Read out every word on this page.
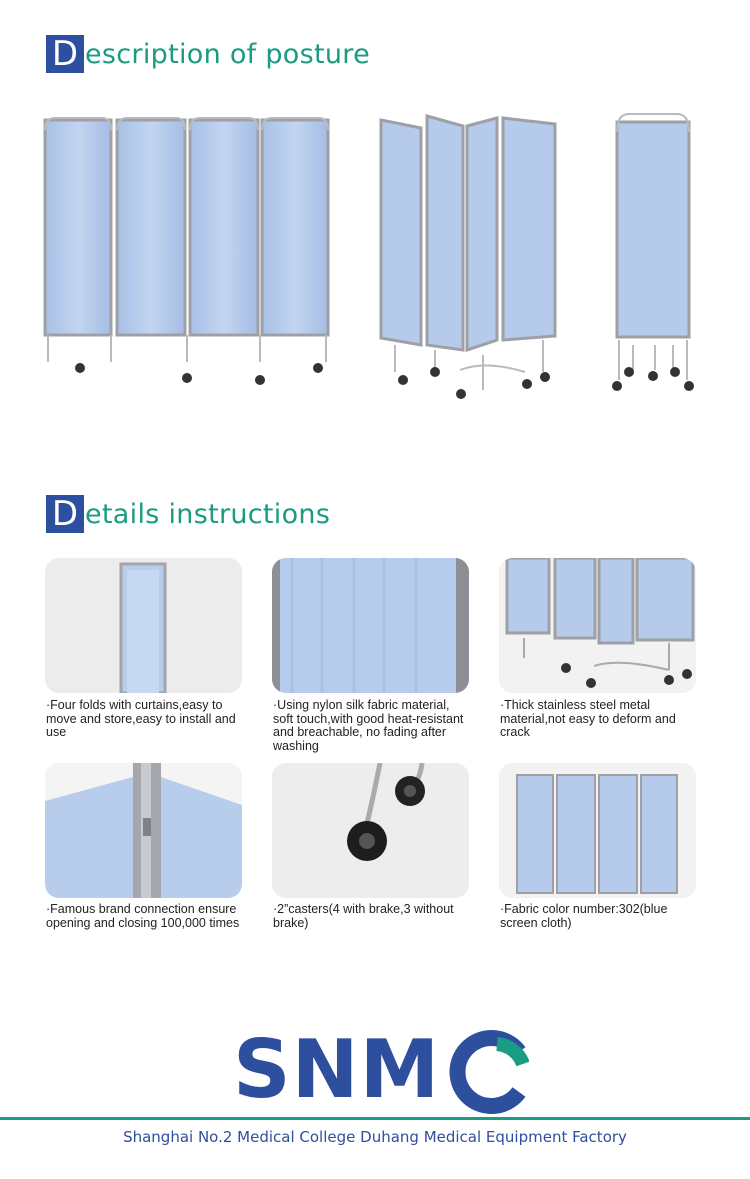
D escription of posture
D etails instructions
·Four folds with curtains,easy to move and store,easy to install and use
·Using nylon silk fabric material, soft touch,with good heat-resistant and breachable, no fading after washing
·Thick stainless steel metal material,not easy to deform and crack
·Famous brand connection ensure opening and closing 100,000 times
·2”casters(4 with brake,3 without brake)
·Fabric color number:302(blue screen cloth)
SNM
Shanghai No.2 Medical College Duhang Medical Equipment Factory
